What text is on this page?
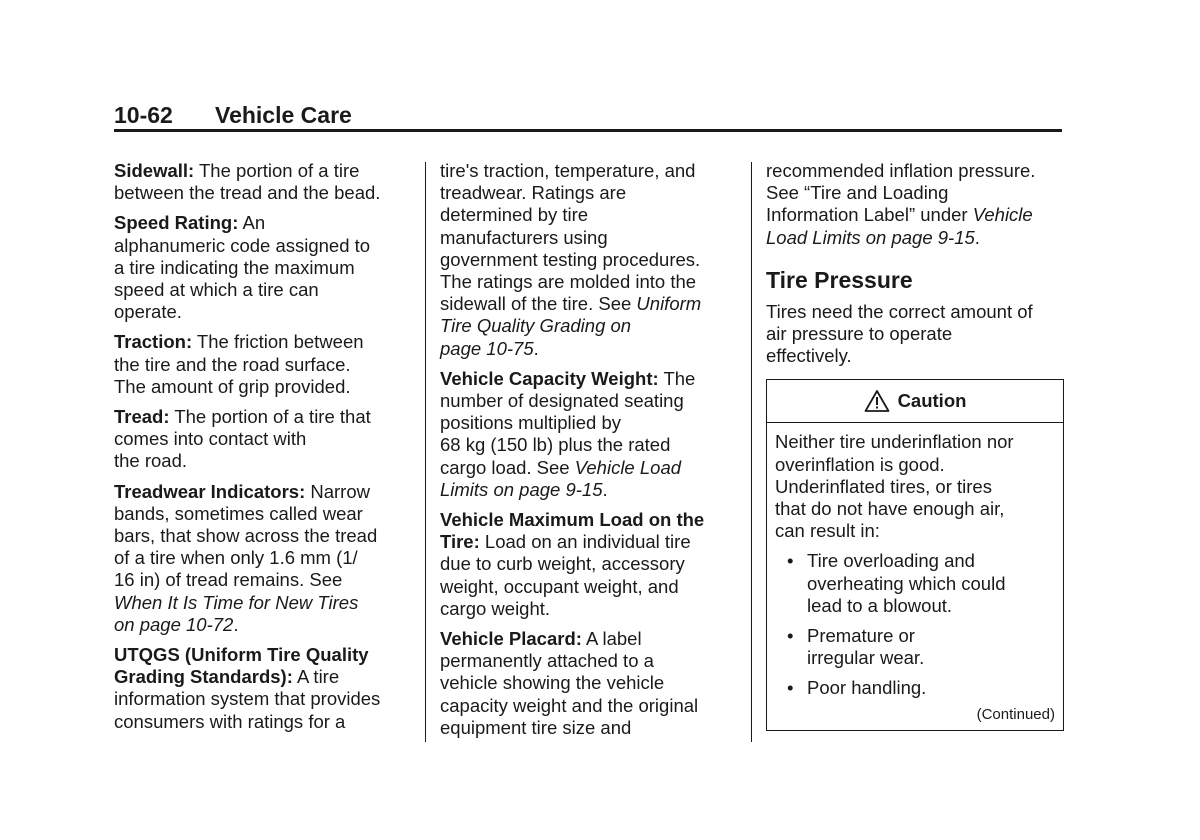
10-62 Vehicle Care
Sidewall: The portion of a tire
between the tread and the bead.
Speed Rating: An
alphanumeric code assigned to
a tire indicating the maximum
speed at which a tire can
operate.
Traction: The friction between
the tire and the road surface.
The amount of grip provided.
Tread: The portion of a tire that
comes into contact with
the road.
Treadwear Indicators: Narrow
bands, sometimes called wear
bars, that show across the tread
of a tire when only 1.6 mm (1/
16 in) of tread remains. See
When It Is Time for New Tires
on page 10-72.
UTQGS (Uniform Tire Quality
Grading Standards): A tire
information system that provides
consumers with ratings for a
tire's traction, temperature, and
treadwear. Ratings are
determined by tire
manufacturers using
government testing procedures.
The ratings are molded into the
sidewall of the tire. See Uniform
Tire Quality Grading on
page 10-75.
Vehicle Capacity Weight: The
number of designated seating
positions multiplied by
68 kg (150 lb) plus the rated
cargo load. See Vehicle Load
Limits on page 9-15.
Vehicle Maximum Load on the
Tire: Load on an individual tire
due to curb weight, accessory
weight, occupant weight, and
cargo weight.
Vehicle Placard: A label
permanently attached to a
vehicle showing the vehicle
capacity weight and the original
equipment tire size and
recommended inflation pressure.
See “Tire and Loading
Information Label” under Vehicle
Load Limits on page 9-15.
Tire Pressure
Tires need the correct amount of
air pressure to operate
effectively.
Caution
Neither tire underinflation nor
overinflation is good.
Underinflated tires, or tires
that do not have enough air,
can result in:
• Tire overloading and
overheating which could
lead to a blowout.
• Premature or
irregular wear.
• Poor handling.
(Continued)
